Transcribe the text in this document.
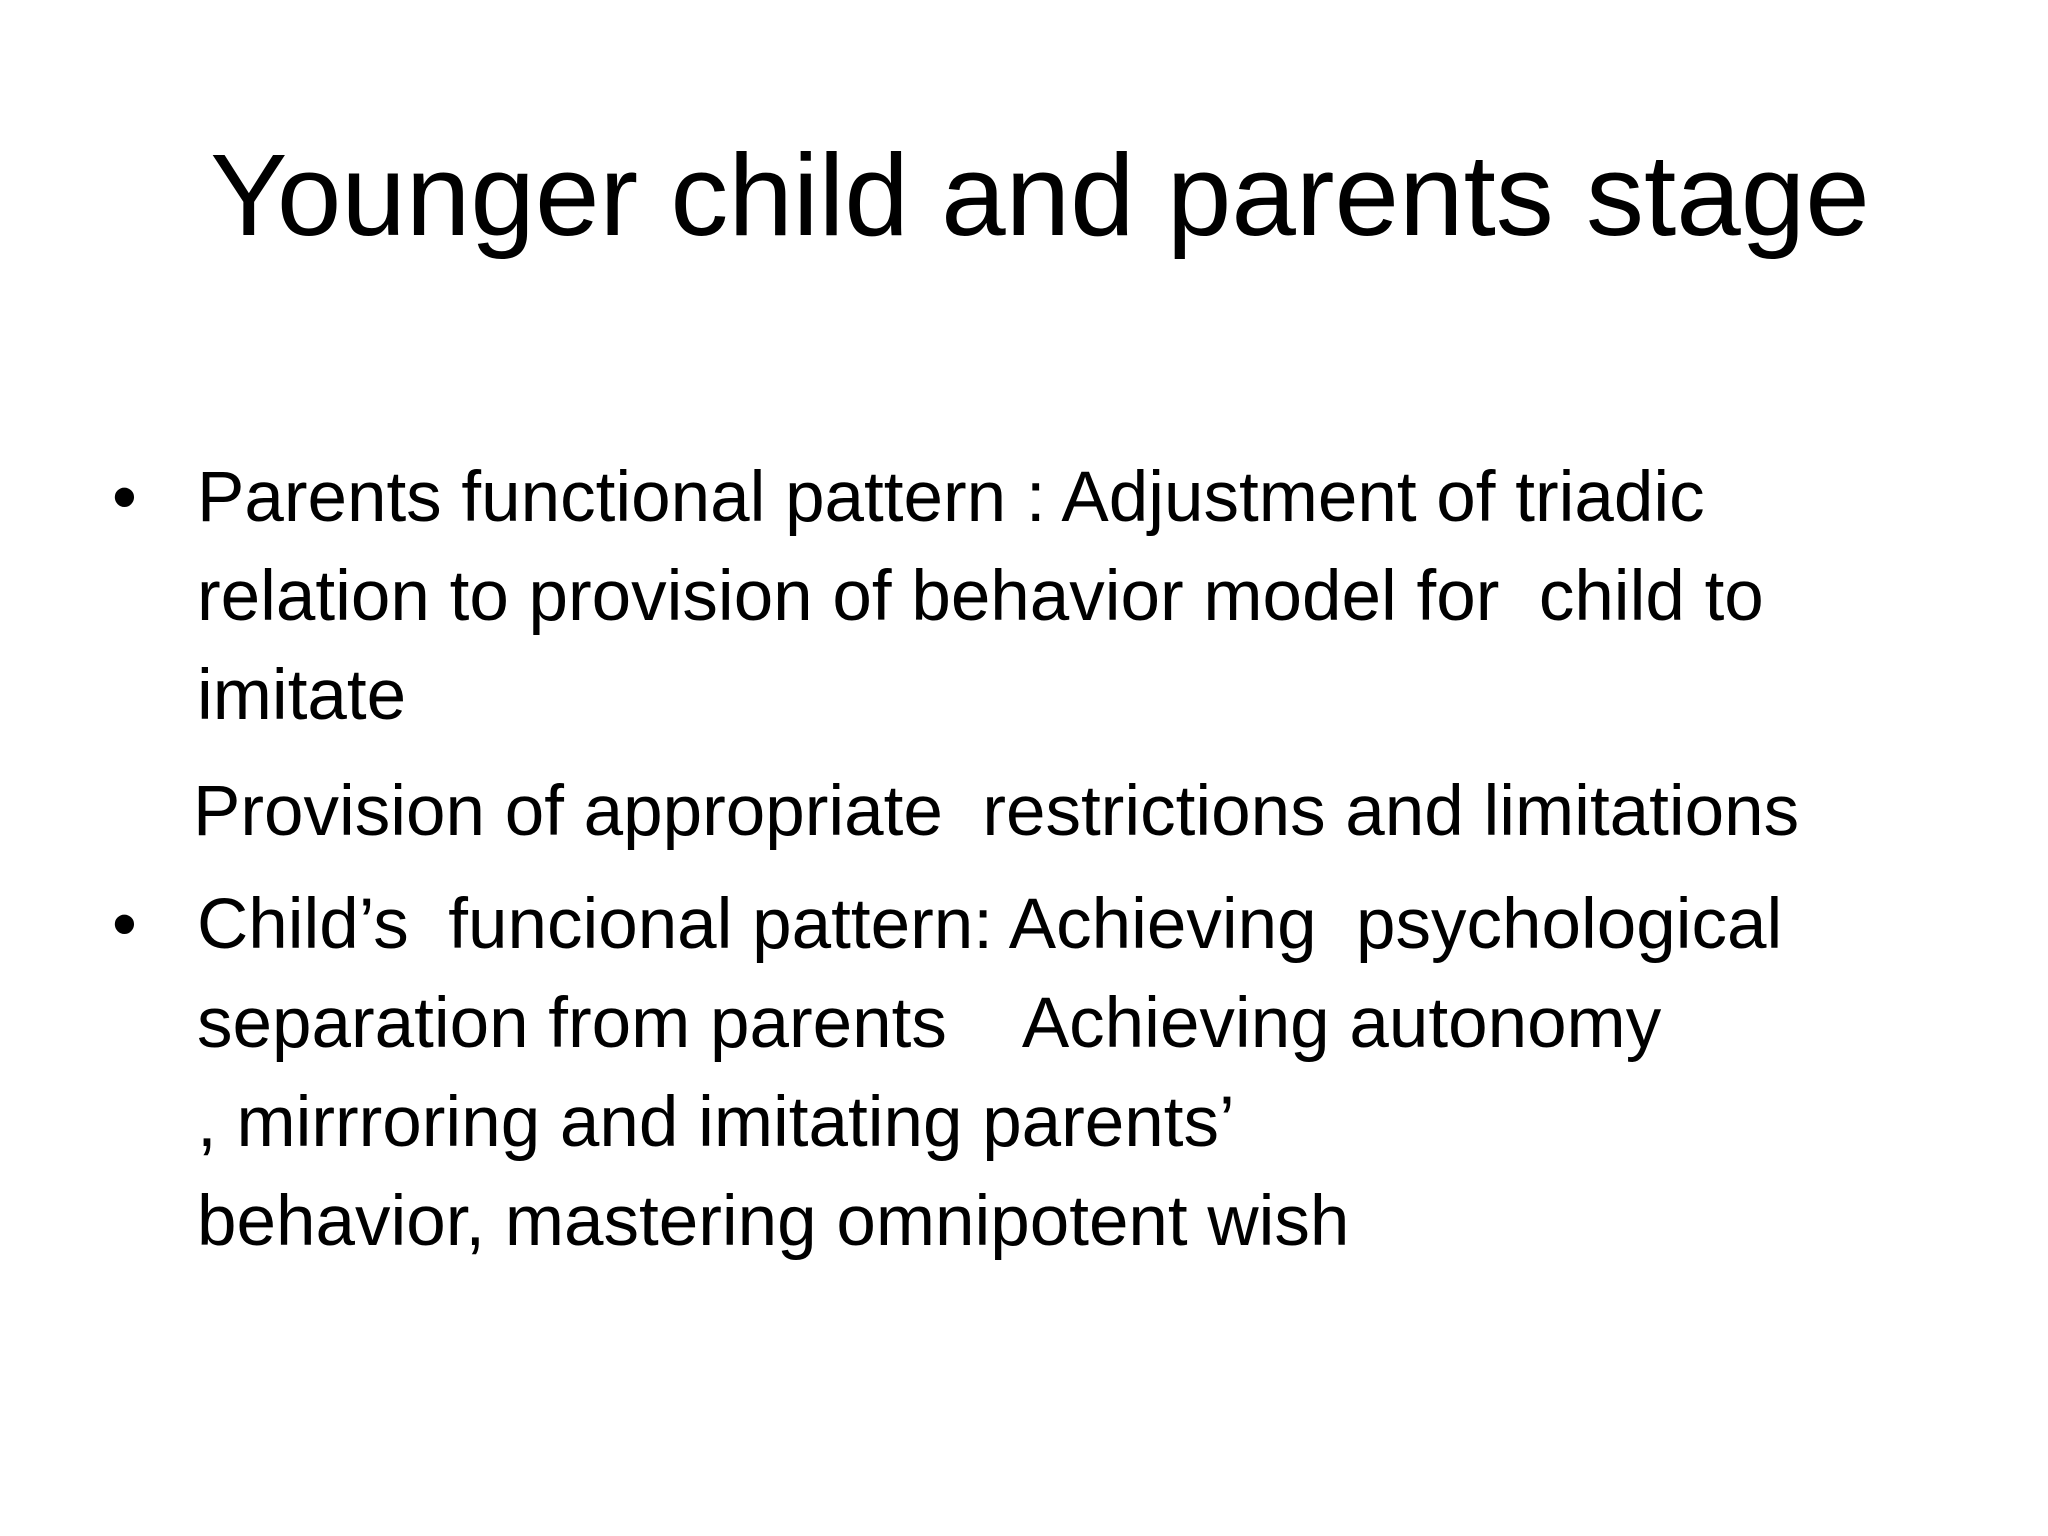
Younger child and parents stage
• Parents functional pattern : Adjustment of triadic
relation to provision of behavior model for  child to
imitate
Provision of appropriate  restrictions and limitations
• Child’s  funcional pattern: Achieving  psychological
separation from parents    Achieving autonomy
, mirrroring and imitating parents’
behavior, mastering omnipotent wish
